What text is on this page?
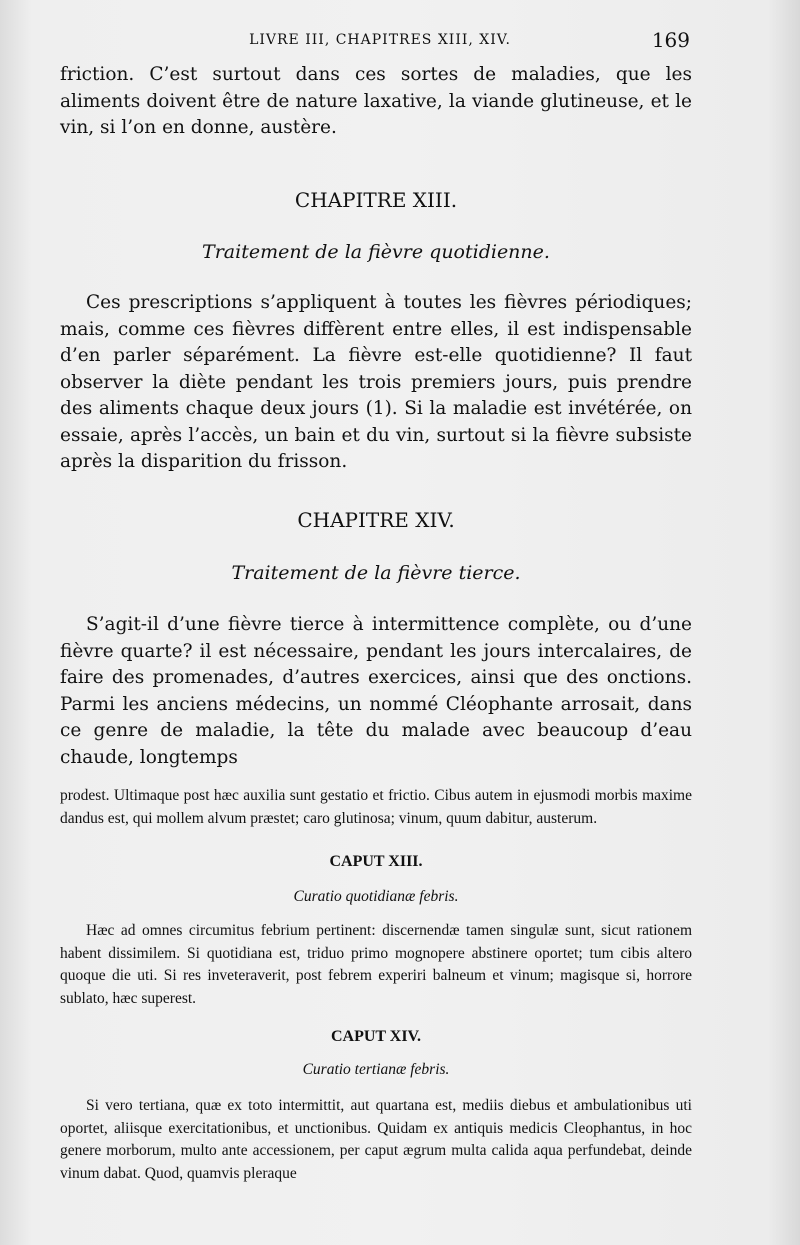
LIVRE III, CHAPITRES XIII, XIV.	169
friction. C’est surtout dans ces sortes de maladies, que les aliments doivent être de nature laxative, la viande glutineuse, et le vin, si l’on en donne, austère.
CHAPITRE XIII.
Traitement de la fièvre quotidienne.
Ces prescriptions s’appliquent à toutes les fièvres périodiques; mais, comme ces fièvres diffèrent entre elles, il est indispensable d’en parler séparément. La fièvre est-elle quotidienne? Il faut observer la diète pendant les trois premiers jours, puis prendre des aliments chaque deux jours (1). Si la maladie est invétérée, on essaie, après l’accès, un bain et du vin, surtout si la fièvre subsiste après la disparition du frisson.
CHAPITRE XIV.
Traitement de la fièvre tierce.
S’agit-il d’une fièvre tierce à intermittence complète, ou d’une fièvre quarte? il est nécessaire, pendant les jours intercalaires, de faire des promenades, d’autres exercices, ainsi que des onctions. Parmi les anciens médecins, un nommé Cléophante arrosait, dans ce genre de maladie, la tête du malade avec beaucoup d’eau chaude, longtemps
prodest. Ultimaque post hæc auxilia sunt gestatio et frictio. Cibus autem in ejusmodi morbis maxime dandus est, qui mollem alvum præstet; caro glutinosa; vinum, quum dabitur, austerum.
CAPUT XIII.
Curatio quotidianæ febris.
Hæc ad omnes circumitus febrium pertinent: discernendæ tamen singulæ sunt, sicut rationem habent dissimilem. Si quotidiana est, triduo primo mognopere abstinere oportet; tum cibis altero quoque die uti. Si res inveteraverit, post febrem experiri balneum et vinum; magisque si, horrore sublato, hæc superest.
CAPUT XIV.
Curatio tertianæ febris.
Si vero tertiana, quæ ex toto intermittit, aut quartana est, mediis diebus et ambulationibus uti oportet, aliisque exercitationibus, et unctionibus. Quidam ex antiquis medicis Cleophantus, in hoc genere morborum, multo ante accessionem, per caput ægrum multa calida aqua perfundebat, deinde vinum dabat. Quod, quamvis pleraque
